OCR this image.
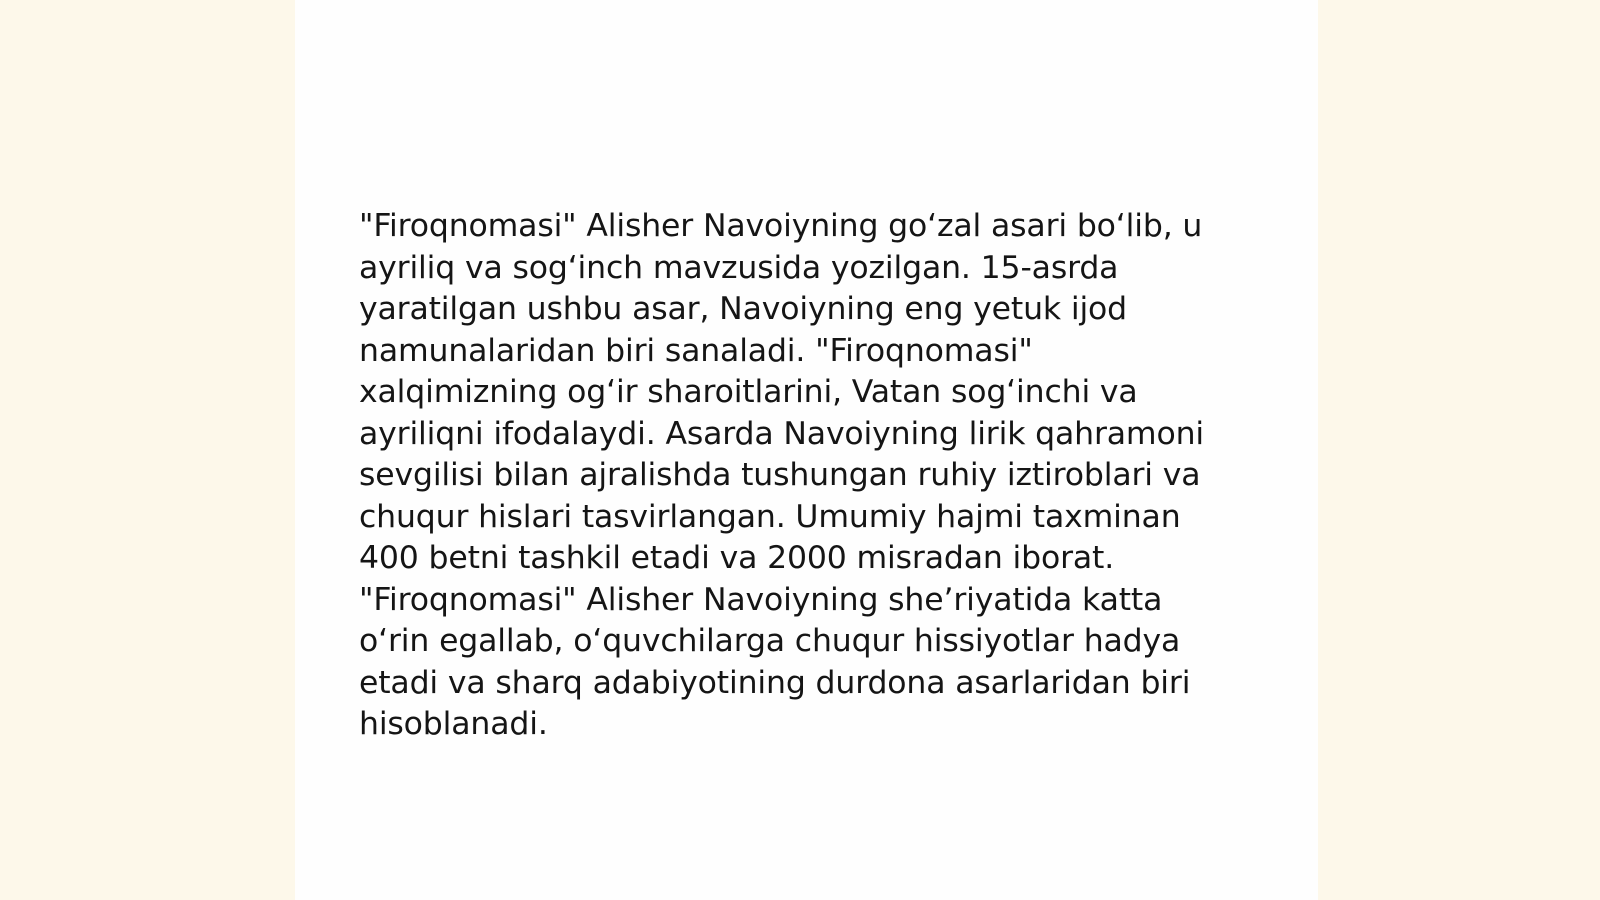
"Firoqnomasi" Alisher Navoiyning go‘zal asari bo‘lib, u
ayriliq va sog‘inch mavzusida yozilgan. 15-asrda
yaratilgan ushbu asar, Navoiyning eng yetuk ijod
namunalaridan biri sanaladi. "Firoqnomasi"
xalqimizning og‘ir sharoitlarini, Vatan sog‘inchi va
ayriliqni ifodalaydi. Asarda Navoiyning lirik qahramoni
sevgilisi bilan ajralishda tushungan ruhiy iztiroblari va
chuqur hislari tasvirlangan. Umumiy hajmi taxminan
400 betni tashkil etadi va 2000 misradan iborat.
"Firoqnomasi" Alisher Navoiyning she’riyatida katta
o‘rin egallab, o‘quvchilarga chuqur hissiyotlar hadya
etadi va sharq adabiyotining durdona asarlaridan biri
hisoblanadi.
